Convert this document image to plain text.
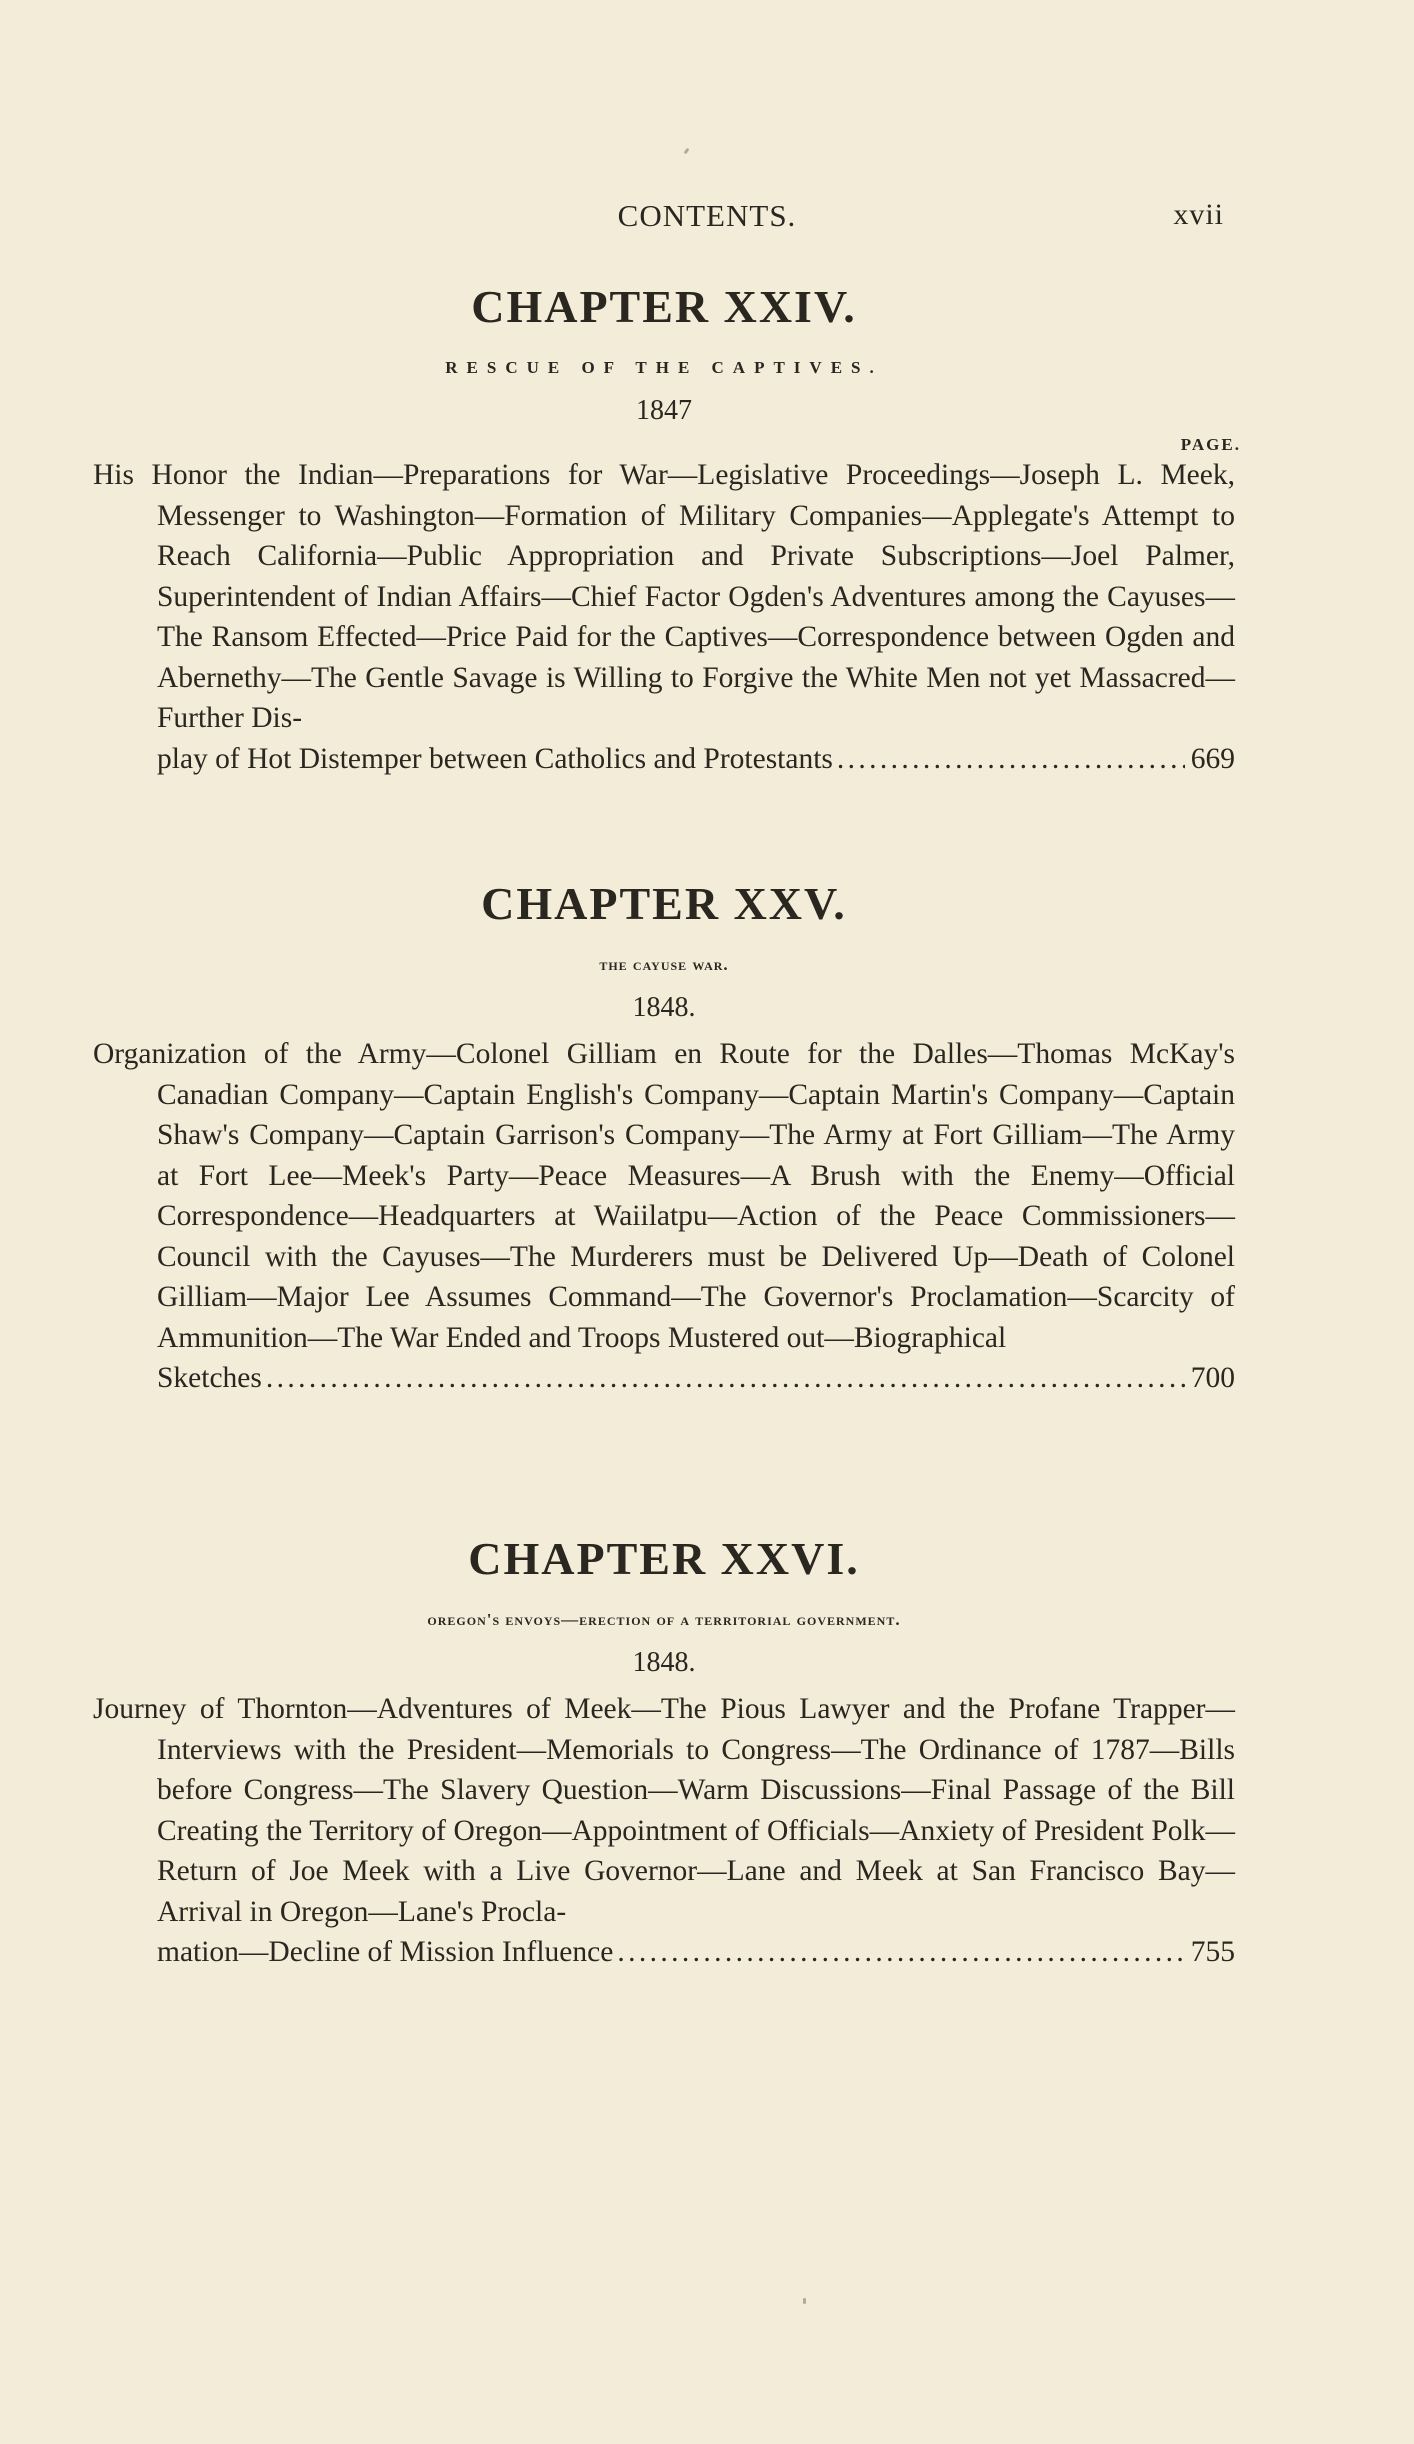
CONTENTS.	xvii
CHAPTER XXIV.
RESCUE OF THE CAPTIVES.
1847
PAGE.

His Honor the Indian—Preparations for War—Legislative Proceedings—Joseph L. Meek, Messenger to Washington—Formation of Military Companies—Applegate's Attempt to Reach California—Public Appropriation and Private Subscriptions—Joel Palmer, Superintendent of Indian Affairs—Chief Factor Ogden's Adventures among the Cayuses—The Ransom Effected—Price Paid for the Captives—Correspondence between Ogden and Abernethy—The Gentle Savage is Willing to Forgive the White Men not yet Massacred—Further Dis-

play of Hot Distemper between Catholics and Protestants . . .	669
CHAPTER XXV.
the cayuse war.
1848.

Organization of the Army—Colonel Gilliam en Route for the Dalles—Thomas McKay's Canadian Company—Captain English's Company—Captain Martin's Company—Captain Shaw's Company—Captain Garrison's Company—The Army at Fort Gilliam—The Army at Fort Lee—Meek's Party—Peace Measures—A Brush with the Enemy—Official Correspondence—Headquarters at Waiilatpu—Action of the Peace Commissioners—Council with the Cayuses—The Murderers must be Delivered Up—Death of Colonel Gilliam—Major Lee Assumes Command—The Governor's Proclamation—Scarcity of Ammunition—The War Ended and Troops Mustered out—Biographical

Sketches . . .	700
CHAPTER XXVI.
oregon's envoys—erection of a territorial government.
1848.

Journey of Thornton—Adventures of Meek—The Pious Lawyer and the Profane Trapper—Interviews with the President—Memorials to Congress—The Ordinance of 1787—Bills before Congress—The Slavery Question—Warm Discussions—Final Passage of the Bill Creating the Territory of Oregon—Appointment of Officials—Anxiety of President Polk—Return of Joe Meek with a Live Governor—Lane and Meek at San Francisco Bay—Arrival in Oregon—Lane's Procla-

mation—Decline of Mission Influence . . .	755
